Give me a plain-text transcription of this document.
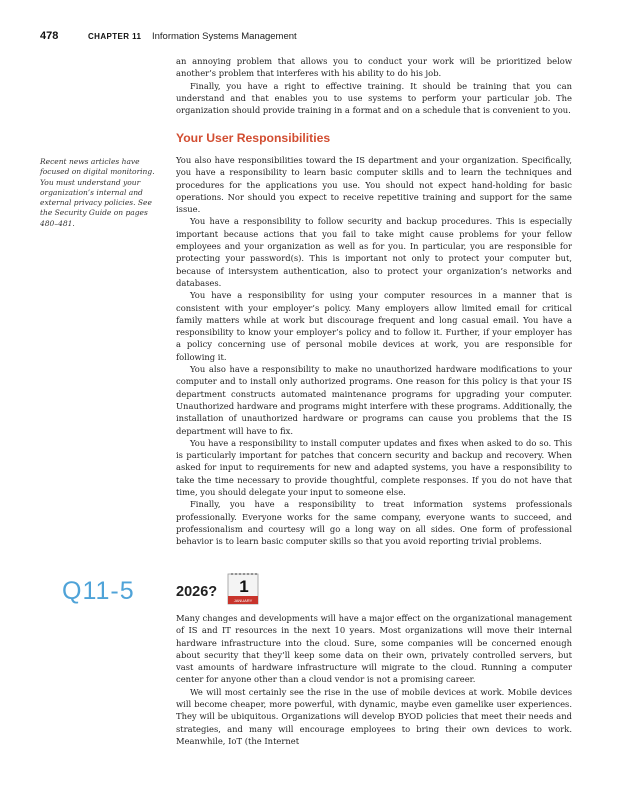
478	CHAPTER 11 Information Systems Management

an annoying problem that allows you to conduct your work will be prioritized below another’s problem that interferes with his ability to do his job.

Finally, you have a right to effective training. It should be training that you can understand and that enables you to use systems to perform your particular job. The organization should provide training in a format and on a schedule that is convenient to you.

Your User Responsibilities
Recent news articles have focused on digital monitoring. You must understand your organization’s internal and external privacy policies. See the Security Guide on pages 480–481.

You also have responsibilities toward the IS department and your organization. Specifically, you have a responsibility to learn basic computer skills and to learn the techniques and procedures for the applications you use. You should not expect hand-holding for basic operations. Nor should you expect to receive repetitive training and support for the same issue.

You have a responsibility to follow security and backup procedures. This is especially important because actions that you fail to take might cause problems for your fellow employees and your organization as well as for you. In particular, you are responsible for protecting your password(s). This is important not only to protect your computer but, because of intersystem authentication, also to protect your organization’s networks and databases.

You have a responsibility for using your computer resources in a manner that is consistent with your employer’s policy. Many employers allow limited email for critical family matters while at work but discourage frequent and long casual email. You have a responsibility to know your employer’s policy and to follow it. Further, if your employer has a policy concerning use of personal mobile devices at work, you are responsible for following it.

You also have a responsibility to make no unauthorized hardware modifications to your computer and to install only authorized programs. One reason for this policy is that your IS department constructs automated maintenance programs for upgrading your computer. Unauthorized hardware and programs might interfere with these programs. Additionally, the installation of unauthorized hardware or programs can cause you problems that the IS department will have to fix.

You have a responsibility to install computer updates and fixes when asked to do so. This is particularly important for patches that concern security and backup and recovery. When asked for input to requirements for new and adapted systems, you have a responsibility to take the time necessary to provide thoughtful, complete responses. If you do not have that time, you should delegate your input to someone else.

Finally, you have a responsibility to treat information systems professionals professionally. Everyone works for the same company, everyone wants to succeed, and professionalism and courtesy will go a long way on all sides. One form of professional behavior is to learn basic computer skills so that you avoid reporting trivial problems.

Q11-5	2026? 1
JANUARY

Many changes and developments will have a major effect on the organizational management of IS and IT resources in the next 10 years. Most organizations will move their internal hardware infrastructure into the cloud. Sure, some companies will be concerned enough about security that they’ll keep some data on their own, privately controlled servers, but vast amounts of hardware infrastructure will migrate to the cloud. Running a computer center for anyone other than a cloud vendor is not a promising career.

We will most certainly see the rise in the use of mobile devices at work. Mobile devices will become cheaper, more powerful, with dynamic, maybe even gamelike user experiences. They will be ubiquitous. Organizations will develop BYOD policies that meet their needs and strategies, and many will encourage employees to bring their own devices to work. Meanwhile, IoT (the Internet
